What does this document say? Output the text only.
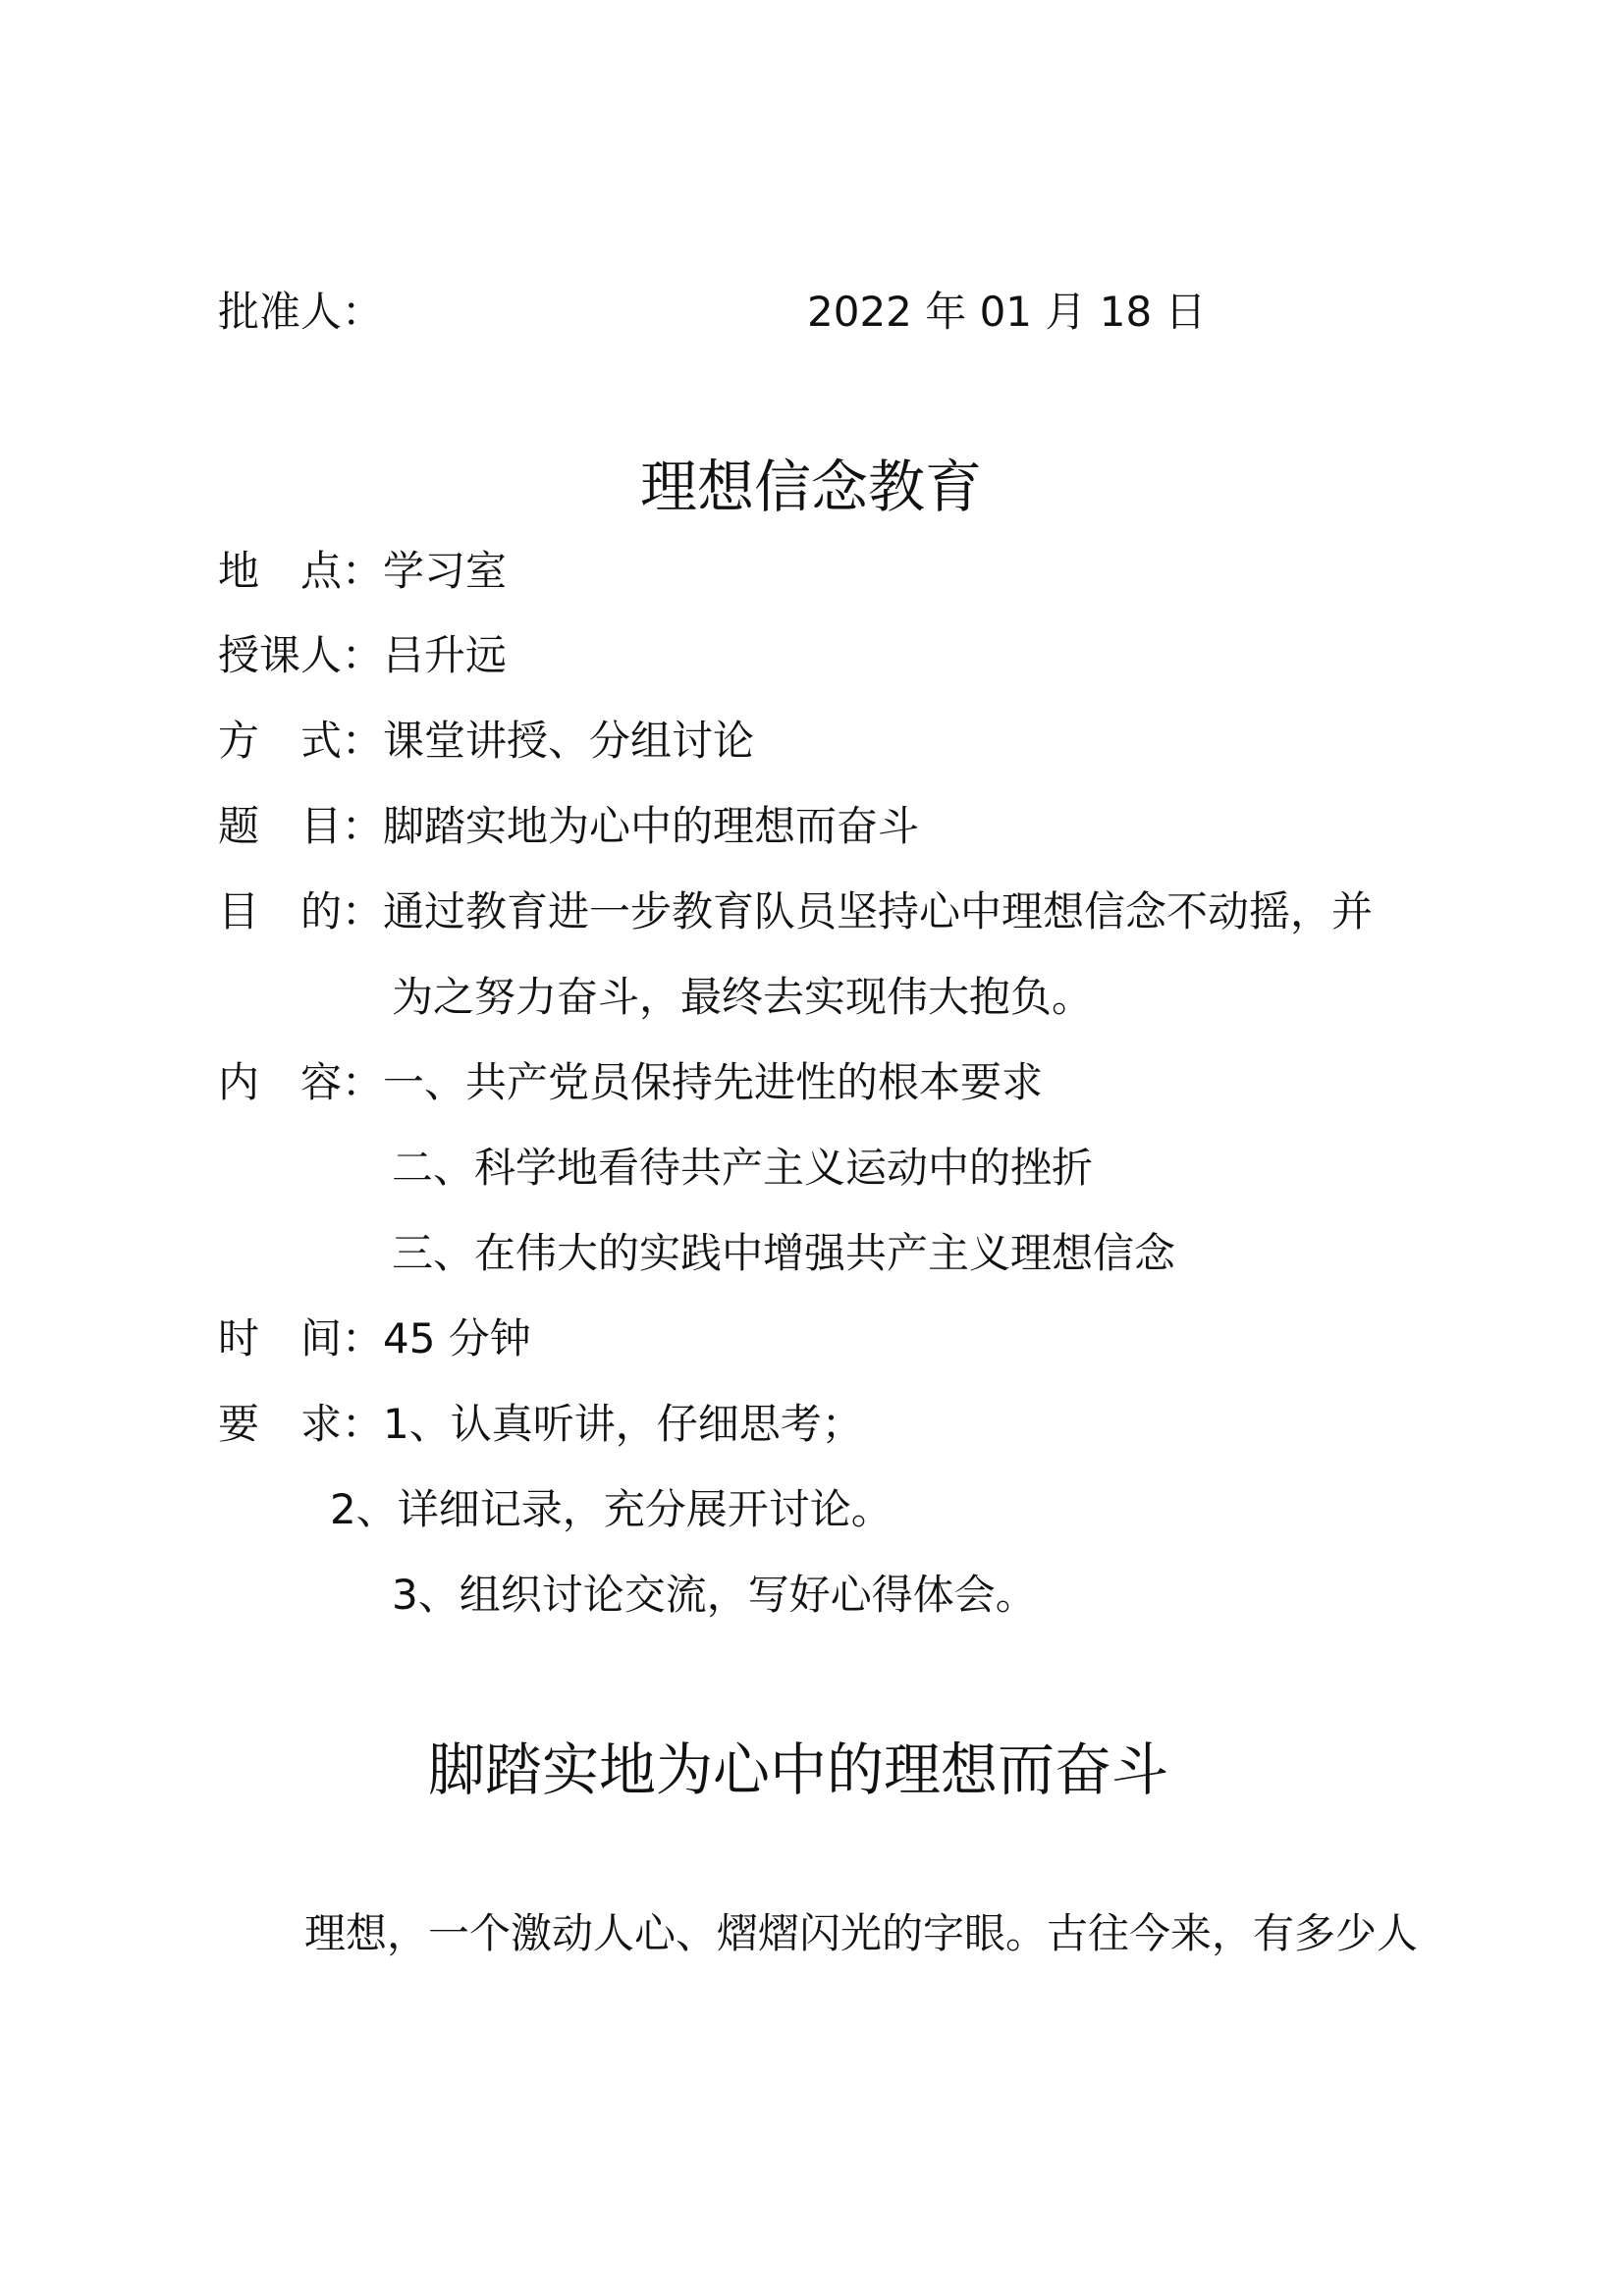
批准人：	2022 年 01 月 18 日
理想信念教育
地　点：学习室
授课人：吕升远
方　式：课堂讲授、分组讨论
题　目：脚踏实地为心中的理想而奋斗
目　的：通过教育进一步教育队员坚持心中理想信念不动摇，并
为之努力奋斗，最终去实现伟大抱负。
内　容：一、共产党员保持先进性的根本要求
二、科学地看待共产主义运动中的挫折
三、在伟大的实践中增强共产主义理想信念
时　间：45 分钟
要　求：1、认真听讲，仔细思考；
2、详细记录，充分展开讨论。
3、组织讨论交流，写好心得体会。
脚踏实地为心中的理想而奋斗
理想，一个激动人心、熠熠闪光的字眼。古往今来，有多少人
